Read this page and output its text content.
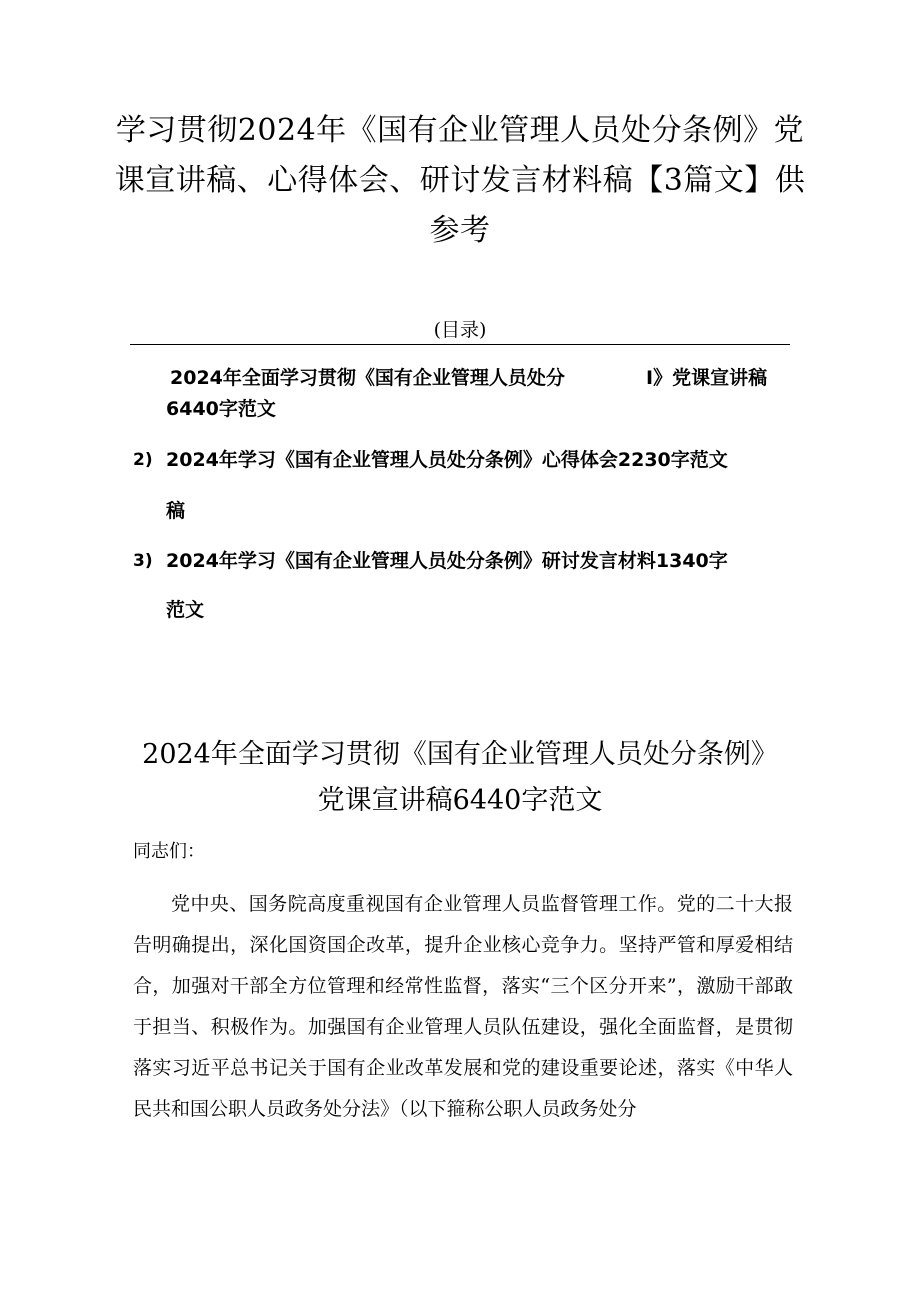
学习贯彻2024年《国有企业管理人员处分条例》党
课宣讲稿、心得体会、研讨发言材料稿【3篇文】供
参考
(目录)
2024年全面学习贯彻《国有企业管理人员处分	I》党课宣讲稿
6440字范文
2) 2024年学习《国有企业管理人员处分条例》心得体会2230字范文
稿
3) 2024年学习《国有企业管理人员处分条例》研讨发言材料1340字
范文
2024年全面学习贯彻《国有企业管理人员处分条例》
党课宣讲稿6440字范文
同志们：
党中央、国务院高度重视国有企业管理人员监督管理工作。党的二十大报告明确提出，深化国资国企改革，提升企业核心竞争力。坚持严管和厚爱相结合，加强对干部全方位管理和经常性监督，落实“三个区分开来”，激励干部敢于担当、积极作为。加强国有企业管理人员队伍建设，强化全面监督，是贯彻落实习近平总书记关于国有企业改革发展和党的建设重要论述，落实《中华人民共和国公职人员政务处分法》（以下箍称公职人员政务处分
